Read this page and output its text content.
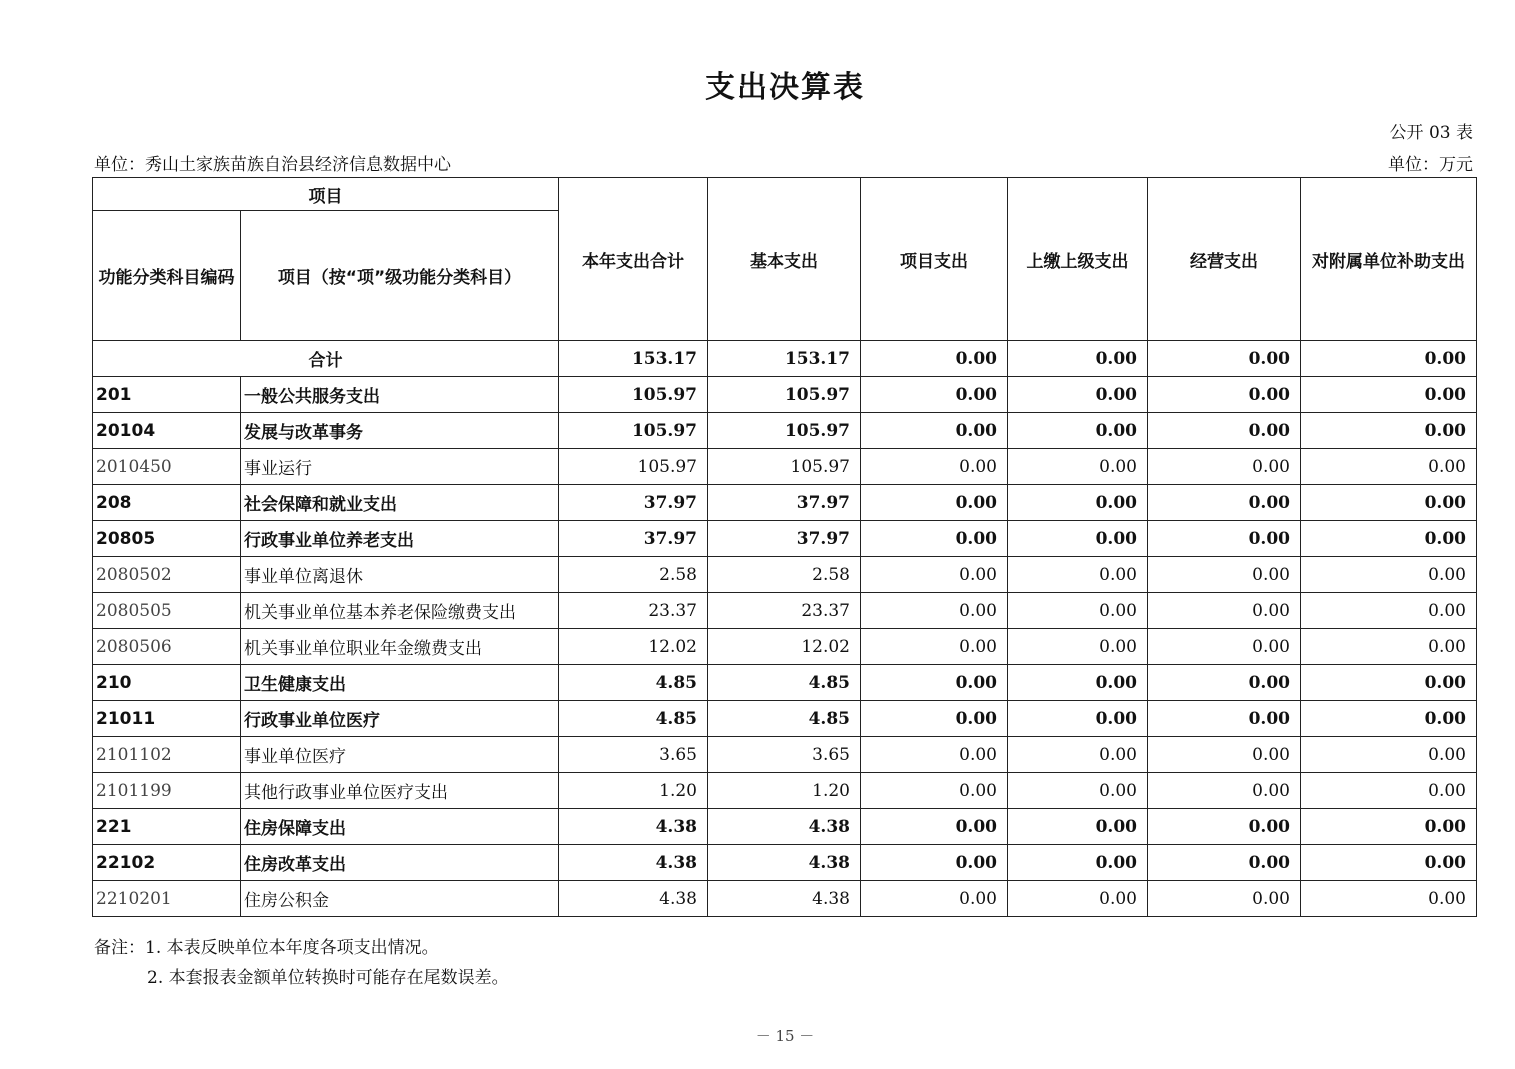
支出决算表
公开 03 表
单位：秀山土家族苗族自治县经济信息数据中心	单位：万元
项目		本年支出合计	基本支出	项目支出	上缴上级支出	经营支出	对附属单位补助支出
功能分类科目编码	项目（按“项”级功能分类科目）						
合计		153.17	153.17	0.00	0.00	0.00	0.00
201	一般公共服务支出	105.97	105.97	0.00	0.00	0.00	0.00
20104	发展与改革事务	105.97	105.97	0.00	0.00	0.00	0.00
2010450	事业运行	105.97	105.97	0.00	0.00	0.00	0.00
208	社会保障和就业支出	37.97	37.97	0.00	0.00	0.00	0.00
20805	行政事业单位养老支出	37.97	37.97	0.00	0.00	0.00	0.00
2080502	事业单位离退休	2.58	2.58	0.00	0.00	0.00	0.00
2080505	机关事业单位基本养老保险缴费支出	23.37	23.37	0.00	0.00	0.00	0.00
2080506	机关事业单位职业年金缴费支出	12.02	12.02	0.00	0.00	0.00	0.00
210	卫生健康支出	4.85	4.85	0.00	0.00	0.00	0.00
21011	行政事业单位医疗	4.85	4.85	0.00	0.00	0.00	0.00
2101102	事业单位医疗	3.65	3.65	0.00	0.00	0.00	0.00
2101199	其他行政事业单位医疗支出	1.20	1.20	0.00	0.00	0.00	0.00
221	住房保障支出	4.38	4.38	0.00	0.00	0.00	0.00
22102	住房改革支出	4.38	4.38	0.00	0.00	0.00	0.00
2210201	住房公积金	4.38	4.38	0.00	0.00	0.00	0.00
备注：1. 本表反映单位本年度各项支出情况。
2. 本套报表金额单位转换时可能存在尾数误差。
－ 15 －
